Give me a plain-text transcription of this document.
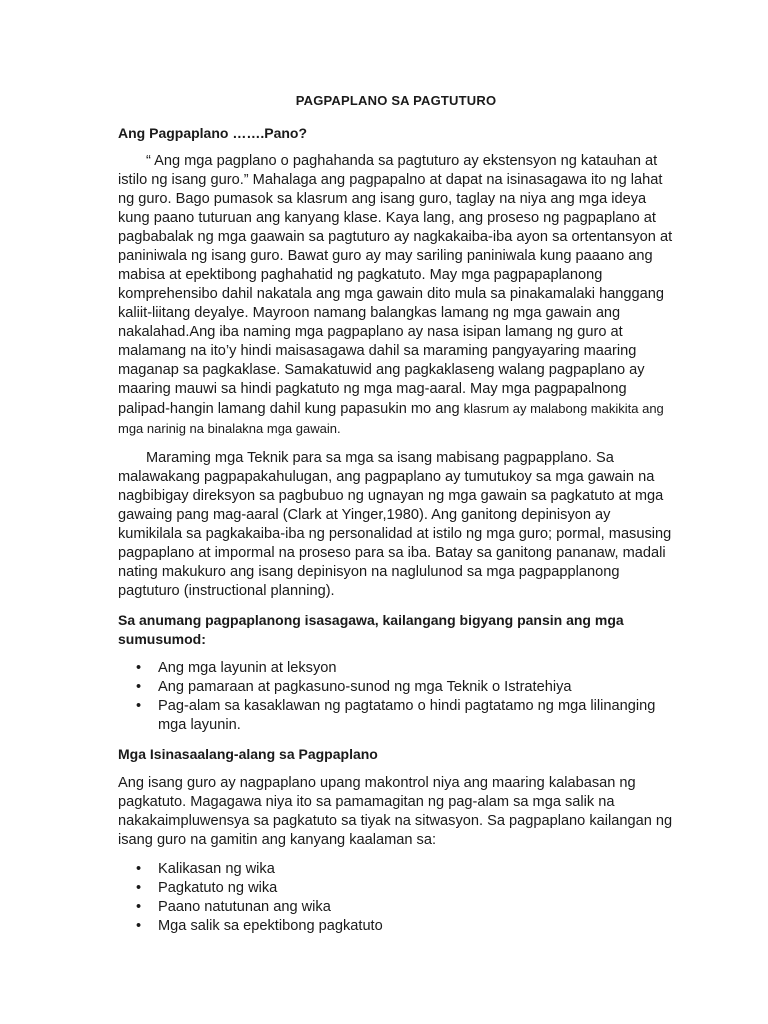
PAGPAPLANO SA PAGTUTURO
Ang Pagpaplano …….Pano?

“ Ang mga pagplano o paghahanda sa pagtuturo ay ekstensyon ng katauhan at istilo ng isang guro.” Mahalaga ang pagpapalno at dapat na isinasagawa ito ng lahat ng guro. Bago pumasok sa klasrum ang isang guro, taglay na niya ang mga ideya kung paano tuturuan ang kanyang klase. Kaya lang, ang proseso ng pagpaplano at pagbabalak ng mga gaawain sa pagtuturo ay nagkakaiba-iba ayon sa ortentansyon at paniniwala ng isang guro. Bawat guro ay may sariling paniniwala kung paaano ang mabisa at epektibong paghahatid ng pagkatuto. May mga pagpapaplanong komprehensibo dahil nakatala ang mga gawain dito mula sa pinakamalaki hanggang kaliit-liitang deyalye. Mayroon namang balangkas lamang ng mga gawain ang nakalahad.Ang iba naming mga pagpaplano ay nasa isipan lamang ng guro at malamang na ito’y hindi maisasagawa dahil sa maraming pangyayaring maaring maganap sa pagkaklase. Samakatuwid ang pagkaklaseng walang pagpaplano ay maaring mauwi sa hindi pagkatuto ng mga mag-aaral. May mga pagpapalnong palipad-hangin lamang dahil kung papasukin mo ang klasrum ay malabong makikita ang mga narinig na binalakna mga gawain.

Maraming mga Teknik para sa mga sa isang mabisang pagpapplano. Sa malawakang pagpapakahulugan, ang pagpaplano ay tumutukoy sa mga gawain na nagbibigay direksyon sa pagbubuo ng ugnayan ng mga gawain sa pagkatuto at mga gawaing pang mag-aaral (Clark at Yinger,1980). Ang ganitong depinisyon ay kumikilala sa pagkakaiba-iba ng personalidad at istilo ng mga guro; pormal, masusing pagpaplano at impormal na proseso para sa iba. Batay sa ganitong pananaw, madali nating makukuro ang isang depinisyon na naglulunod sa mga pagpapplanong pagtuturo (instructional planning).

Sa anumang pagpaplanong isasagawa, kailangang bigyang pansin ang mga sumusumod:
• Ang mga layunin at leksyon
• Ang pamaraan at pagkasuno-sunod ng mga Teknik o Istratehiya
• Pag-alam sa kasaklawan ng pagtatamo o hindi pagtatamo ng mga lilinanging mga layunin.
Mga Isinasaalang-alang sa Pagpaplano

Ang isang guro ay nagpaplano upang makontrol niya ang maaring kalabasan ng pagkatuto. Magagawa niya ito sa pamamagitan ng pag-alam sa mga salik na nakakaimpluwensya sa pagkatuto sa tiyak na sitwasyon. Sa pagpaplano kailangan ng isang guro na gamitin ang kanyang kaalaman sa:

• Kalikasan ng wika
• Pagkatuto ng wika
• Paano natutunan ang wika
• Mga salik sa epektibong pagkatuto
